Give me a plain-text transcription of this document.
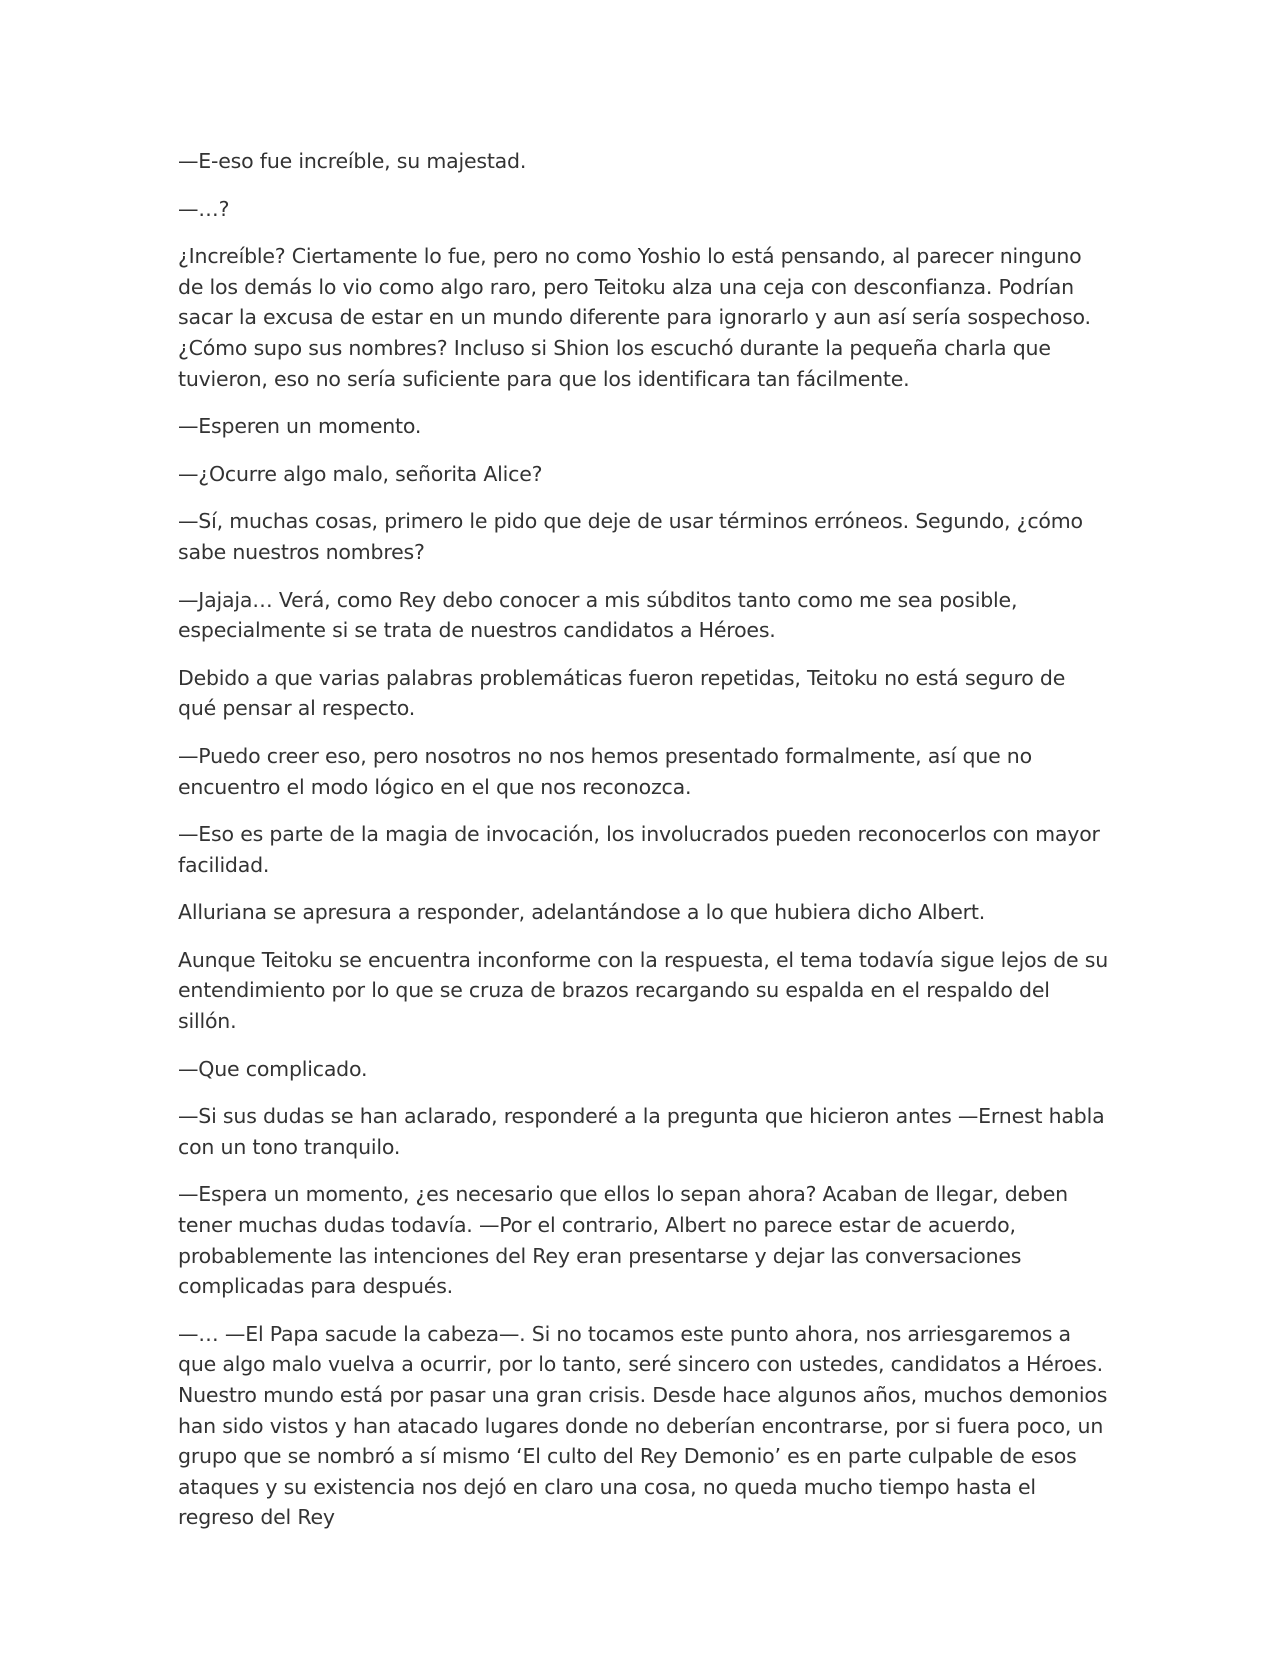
—E-eso fue increíble, su majestad.

—…?

¿Increíble? Ciertamente lo fue, pero no como Yoshio lo está pensando, al parecer ninguno de los demás lo vio como algo raro, pero Teitoku alza una ceja con desconfianza. Podrían sacar la excusa de estar en un mundo diferente para ignorarlo y aun así sería sospechoso. ¿Cómo supo sus nombres? Incluso si Shion los escuchó durante la pequeña charla que tuvieron, eso no sería suficiente para que los identificara tan fácilmente.

—Esperen un momento.

—¿Ocurre algo malo, señorita Alice?

—Sí, muchas cosas, primero le pido que deje de usar términos erróneos. Segundo, ¿cómo sabe nuestros nombres?

—Jajaja… Verá, como Rey debo conocer a mis súbditos tanto como me sea posible, especialmente si se trata de nuestros candidatos a Héroes.

Debido a que varias palabras problemáticas fueron repetidas, Teitoku no está seguro de qué pensar al respecto.

—Puedo creer eso, pero nosotros no nos hemos presentado formalmente, así que no encuentro el modo lógico en el que nos reconozca.

—Eso es parte de la magia de invocación, los involucrados pueden reconocerlos con mayor facilidad.

Alluriana se apresura a responder, adelantándose a lo que hubiera dicho Albert.

Aunque Teitoku se encuentra inconforme con la respuesta, el tema todavía sigue lejos de su entendimiento por lo que se cruza de brazos recargando su espalda en el respaldo del sillón.

—Que complicado.

—Si sus dudas se han aclarado, responderé a la pregunta que hicieron antes —Ernest habla con un tono tranquilo.

—Espera un momento, ¿es necesario que ellos lo sepan ahora? Acaban de llegar, deben tener muchas dudas todavía. —Por el contrario, Albert no parece estar de acuerdo, probablemente las intenciones del Rey eran presentarse y dejar las conversaciones complicadas para después.

—… —El Papa sacude la cabeza—. Si no tocamos este punto ahora, nos arriesgaremos a que algo malo vuelva a ocurrir, por lo tanto, seré sincero con ustedes, candidatos a Héroes. Nuestro mundo está por pasar una gran crisis. Desde hace algunos años, muchos demonios han sido vistos y han atacado lugares donde no deberían encontrarse, por si fuera poco, un grupo que se nombró a sí mismo ‘El culto del Rey Demonio’ es en parte culpable de esos ataques y su existencia nos dejó en claro una cosa, no queda mucho tiempo hasta el regreso del Rey
